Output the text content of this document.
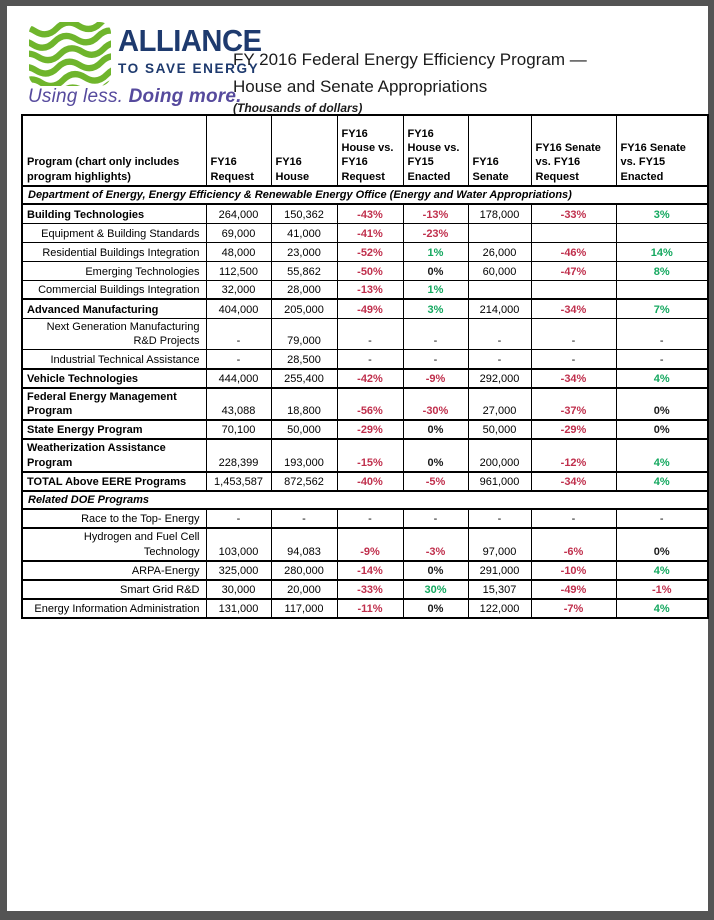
ALLIANCE
TO SAVE ENERGY
Using less. Doing more.
FY 2016 Federal Energy Efficiency Program —
House and Senate Appropriations
(Thousands of dollars)
Program (chart only includes program highlights)	FY16 Request	FY16 House	FY16 House vs. FY16 Request	FY16 House vs. FY15 Enacted	FY16 Senate	FY16 Senate vs. FY16 Request	FY16 Senate vs. FY15 Enacted
Department of Energy, Energy Efficiency & Renewable Energy Office (Energy and Water Appropriations)							
Building Technologies	264,000	150,362	-43%	-13%	178,000	-33%	3%
Equipment & Building Standards	69,000	41,000	-41%	-23%			
Residential Buildings Integration	48,000	23,000	-52%	1%	26,000	-46%	14%
Emerging Technologies	112,500	55,862	-50%	0%	60,000	-47%	8%
Commercial Buildings Integration	32,000	28,000	-13%	1%			
Advanced Manufacturing	404,000	205,000	-49%	3%	214,000	-34%	7%
Next Generation Manufacturing R&D Projects	-	79,000	-	-	-	-	-
Industrial Technical Assistance	-	28,500	-	-	-	-	-
Vehicle Technologies	444,000	255,400	-42%	-9%	292,000	-34%	4%
Federal Energy Management Program	43,088	18,800	-56%	-30%	27,000	-37%	0%
State Energy Program	70,100	50,000	-29%	0%	50,000	-29%	0%
Weatherization Assistance Program	228,399	193,000	-15%	0%	200,000	-12%	4%
TOTAL Above EERE Programs	1,453,587	872,562	-40%	-5%	961,000	-34%	4%
Related DOE Programs							
Race to the Top- Energy	-	-	-	-	-	-	-
Hydrogen and Fuel Cell Technology	103,000	94,083	-9%	-3%	97,000	-6%	0%
ARPA-Energy	325,000	280,000	-14%	0%	291,000	-10%	4%
Smart Grid R&D	30,000	20,000	-33%	30%	15,307	-49%	-1%
Energy Information Administration	131,000	117,000	-11%	0%	122,000	-7%	4%
